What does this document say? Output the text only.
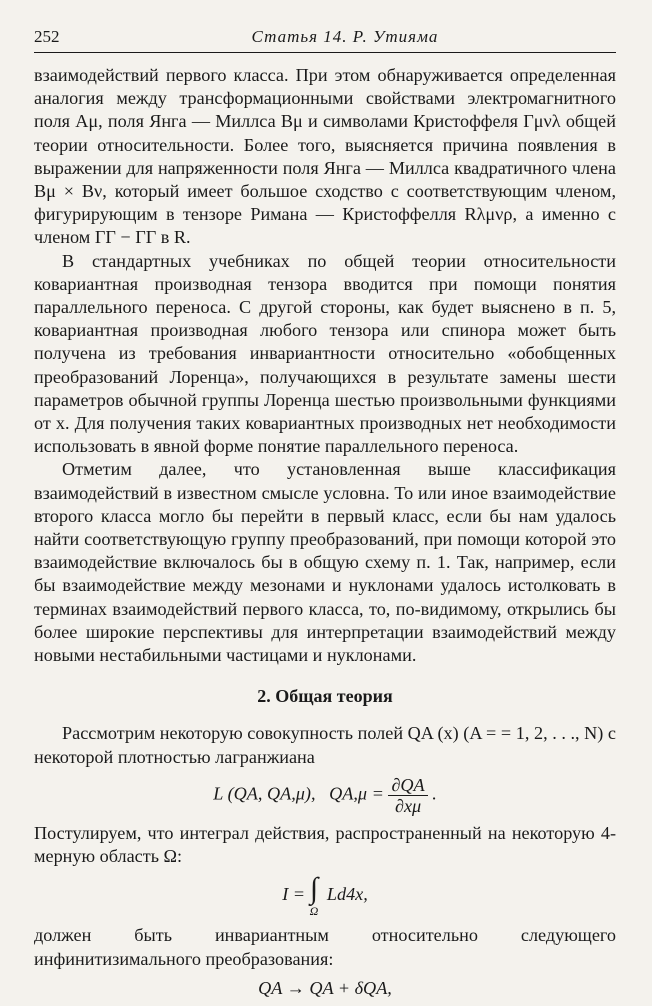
252	Статья 14. Р. Утияма

взаимодействий первого класса. При этом обнаруживается определенная аналогия между трансформационными свойствами электромагнитного поля Aμ, поля Янга — Миллса Bμ и символами Кристоффеля Γμνλ общей теории относительности. Более того, выясняется причина появления в выражении для напряженности поля Янга — Миллса квадратичного члена Bμ × Bν, который имеет большое сходство с соответствующим членом, фигурирующим в тензоре Римана — Кристоффелля Rλμνρ, а именно с членом ГГ − ГГ в R.

В стандартных учебниках по общей теории относительности ковариантная производная тензора вводится при помощи понятия параллельного переноса. С другой стороны, как будет выяснено в п. 5, ковариантная производная любого тензора или спинора может быть получена из требования инвариантности относительно «обобщенных преобразований Лоренца», получающихся в результате замены шести параметров обычной группы Лоренца шестью произвольными функциями от x. Для получения таких ковариантных производных нет необходимости использовать в явной форме понятие параллельного переноса.

Отметим далее, что установленная выше классификация взаимодействий в известном смысле условна. То или иное взаимодействие второго класса могло бы перейти в первый класс, если бы нам удалось найти соответствующую группу преобразований, при помощи которой это взаимодействие включалось бы в общую схему п. 1. Так, например, если бы взаимодействие между мезонами и нуклонами удалось истолковать в терминах взаимодействий первого класса, то, по-видимому, открылись бы более широкие перспективы для интерпретации взаимодействий между новыми нестабильными частицами и нуклонами.

2. Общая теория

Рассмотрим некоторую совокупность полей QA (x) (A = = 1, 2, . . ., N) с некоторой плотностью лагранжиана

L (QA, QA,μ), $QA,\mu = \frac{\partial QA}{\partial x\mu}$ .

Постулируем, что интеграл действия, распространенный на некоторую 4-мерную область Ω:

I = ∫
Ω
Ld4x,

должен быть инвариантным относительно следующего инфинитизимального преобразования:

QA → QA + δQA,
